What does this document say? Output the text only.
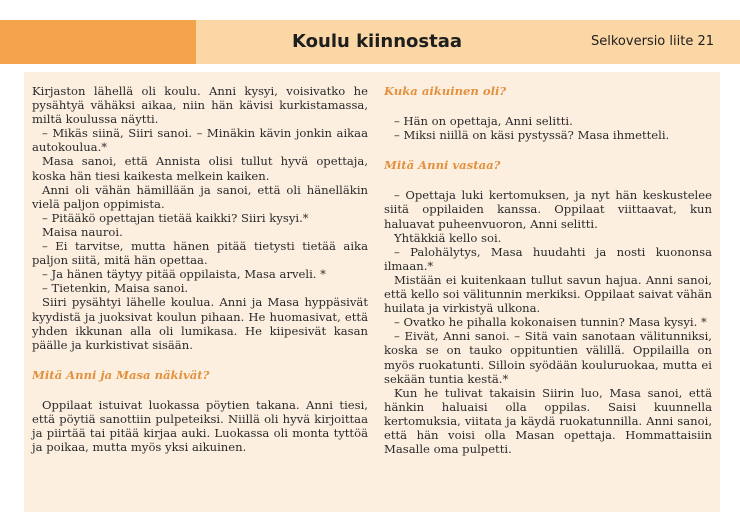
Koulu kiinnostaa	Selkoversio liite 21

Kirjaston lähellä oli koulu. Anni kysyi, voisivatko he pysähtyä vähäksi aikaa, niin hän kävisi kurkistamassa, miltä koulussa näytti.

– Mikäs siinä, Siiri sanoi. – Minäkin kävin jonkin aikaa autokoulua.*

Masa sanoi, että Annista olisi tullut hyvä opettaja, koska hän tiesi kaikesta melkein kaiken.

Anni oli vähän hämillään ja sanoi, että oli hänelläkin vielä paljon oppimista.

– Pitääkö opettajan tietää kaikki? Siiri kysyi.*

Maisa nauroi.

– Ei tarvitse, mutta hänen pitää tietysti tietää aika paljon siitä, mitä hän opettaa.

– Ja hänen täytyy pitää oppilaista, Masa arveli. *

– Tietenkin, Maisa sanoi.

Siiri pysähtyi lähelle koulua. Anni ja Masa hyppäsivät kyydistä ja juoksivat koulun pihaan. He huomasivat, että yhden ikkunan alla oli lumikasa. He kiipesivät kasan päälle ja kurkistivat sisään.

Mitä Anni ja Masa näkivät?

Oppilaat istuivat luokassa pöytien takana. Anni tiesi, että pöytiä sanottiin pulpeteiksi. Niillä oli hyvä kirjoittaa ja piirtää tai pitää kirjaa auki. Luokassa oli monta tyttöä ja poikaa, mutta myös yksi aikuinen.

Kuka aikuinen oli?

– Hän on opettaja, Anni selitti.

– Miksi niillä on käsi pystyssä? Masa ihmetteli.

Mitä Anni vastaa?

– Opettaja luki kertomuksen, ja nyt hän keskustelee siitä oppilaiden kanssa. Oppilaat viittaavat, kun haluavat puheenvuoron, Anni selitti.

Yhtäkkiä kello soi.

– Palohälytys, Masa huudahti ja nosti kuononsa ilmaan.*

Mistään ei kuitenkaan tullut savun hajua. Anni sanoi, että kello soi välitunnin merkiksi. Oppilaat saivat vähän huilata ja virkistyä ulkona.

– Ovatko he pihalla kokonaisen tunnin? Masa kysyi. *

– Eivät, Anni sanoi. – Sitä vain sanotaan välitunniksi, koska se on tauko oppituntien välillä. Oppilailla on myös ruokatunti. Silloin syödään kouluruokaa, mutta ei sekään tuntia kestä.*

Kun he tulivat takaisin Siirin luo, Masa sanoi, että hänkin haluaisi olla oppilas. Saisi kuunnella kertomuksia, viitata ja käydä ruokatunnilla. Anni sanoi, että hän voisi olla Masan opettaja. Hommattaisiin Masalle oma pulpetti.
